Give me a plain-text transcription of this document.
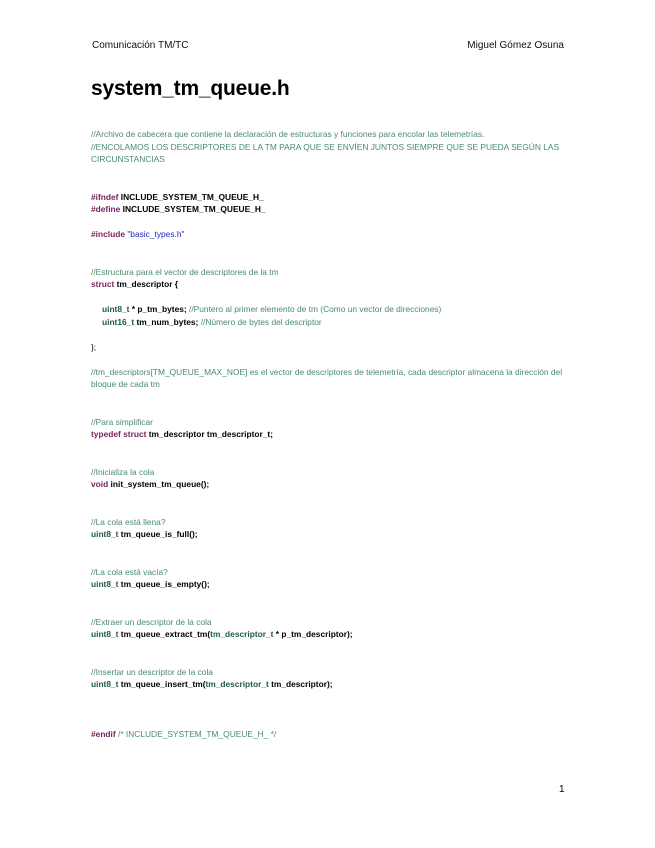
Comunicación TM/TC	Miguel Gómez Osuna
system_tm_queue.h
//Archivo de cabecera que contiene la declaración de estructuras y funciones para encolar las telemetrías.
//ENCOLAMOS LOS DESCRIPTORES DE LA TM PARA QUE SE ENVÍEN JUNTOS SIEMPRE QUE SE PUEDA SEGÚN LAS CIRCUNSTANCIAS
#ifndef INCLUDE_SYSTEM_TM_QUEUE_H_
#define INCLUDE_SYSTEM_TM_QUEUE_H_
#include "basic_types.h"
//Estructura para el vector de descriptores de la tm
struct tm_descriptor {
uint8_t * p_tm_bytes; //Puntero al primer elemento de tm (Como un vector de direcciones)
uint16_t tm_num_bytes; //Número de bytes del descriptor
};
//tm_descriptors[TM_QUEUE_MAX_NOE] es el vector de descriptores de telemetría, cada descriptor almacena la dirección del bloque de cada tm
//Para simplificar
typedef struct tm_descriptor tm_descriptor_t;
//Inicializa la cola
void init_system_tm_queue();
//La cola está llena?
uint8_t tm_queue_is_full();
//La cola está vacía?
uint8_t tm_queue_is_empty();
//Extraer un descriptor de la cola
uint8_t tm_queue_extract_tm(tm_descriptor_t * p_tm_descriptor);
//Insertar un descriptor de la cola
uint8_t tm_queue_insert_tm(tm_descriptor_t tm_descriptor);
#endif /* INCLUDE_SYSTEM_TM_QUEUE_H_ */
1
